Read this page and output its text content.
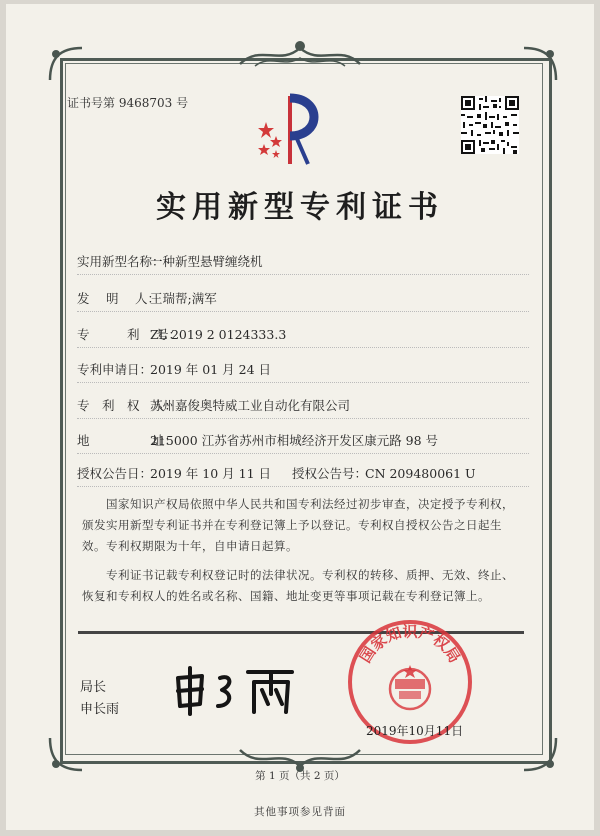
证书号第 9468703 号
实用新型专利证书
实用新型名称：一种新型悬臂缠绕机
发　 明　 人：王瑞帮;满军
专　　　利　 号：ZL 2019 2 0124333.3
专利申请日：2019 年 01 月 24 日
专　利　权　人：苏州嘉俊奥特威工业自动化有限公司
地　　　　　址：215000 江苏省苏州市相城经济开发区康元路 98 号
授权公告日：2019 年 10 月 11 日 授权公告号：CN 209480061 U
国家知识产权局依照中华人民共和国专利法经过初步审查，决定授予专利权，颁发实用新型专利证书并在专利登记簿上予以登记。专利权自授权公告之日起生效。专利权期限为十年，自申请日起算。
专利证书记载专利权登记时的法律状况。专利权的转移、质押、无效、终止、恢复和专利权人的姓名或名称、国籍、地址变更等事项记载在专利登记簿上。
局长
申长雨
国家知识产权局
2019年10月11日
第 1 页（共 2 页）
其他事项参见背面
